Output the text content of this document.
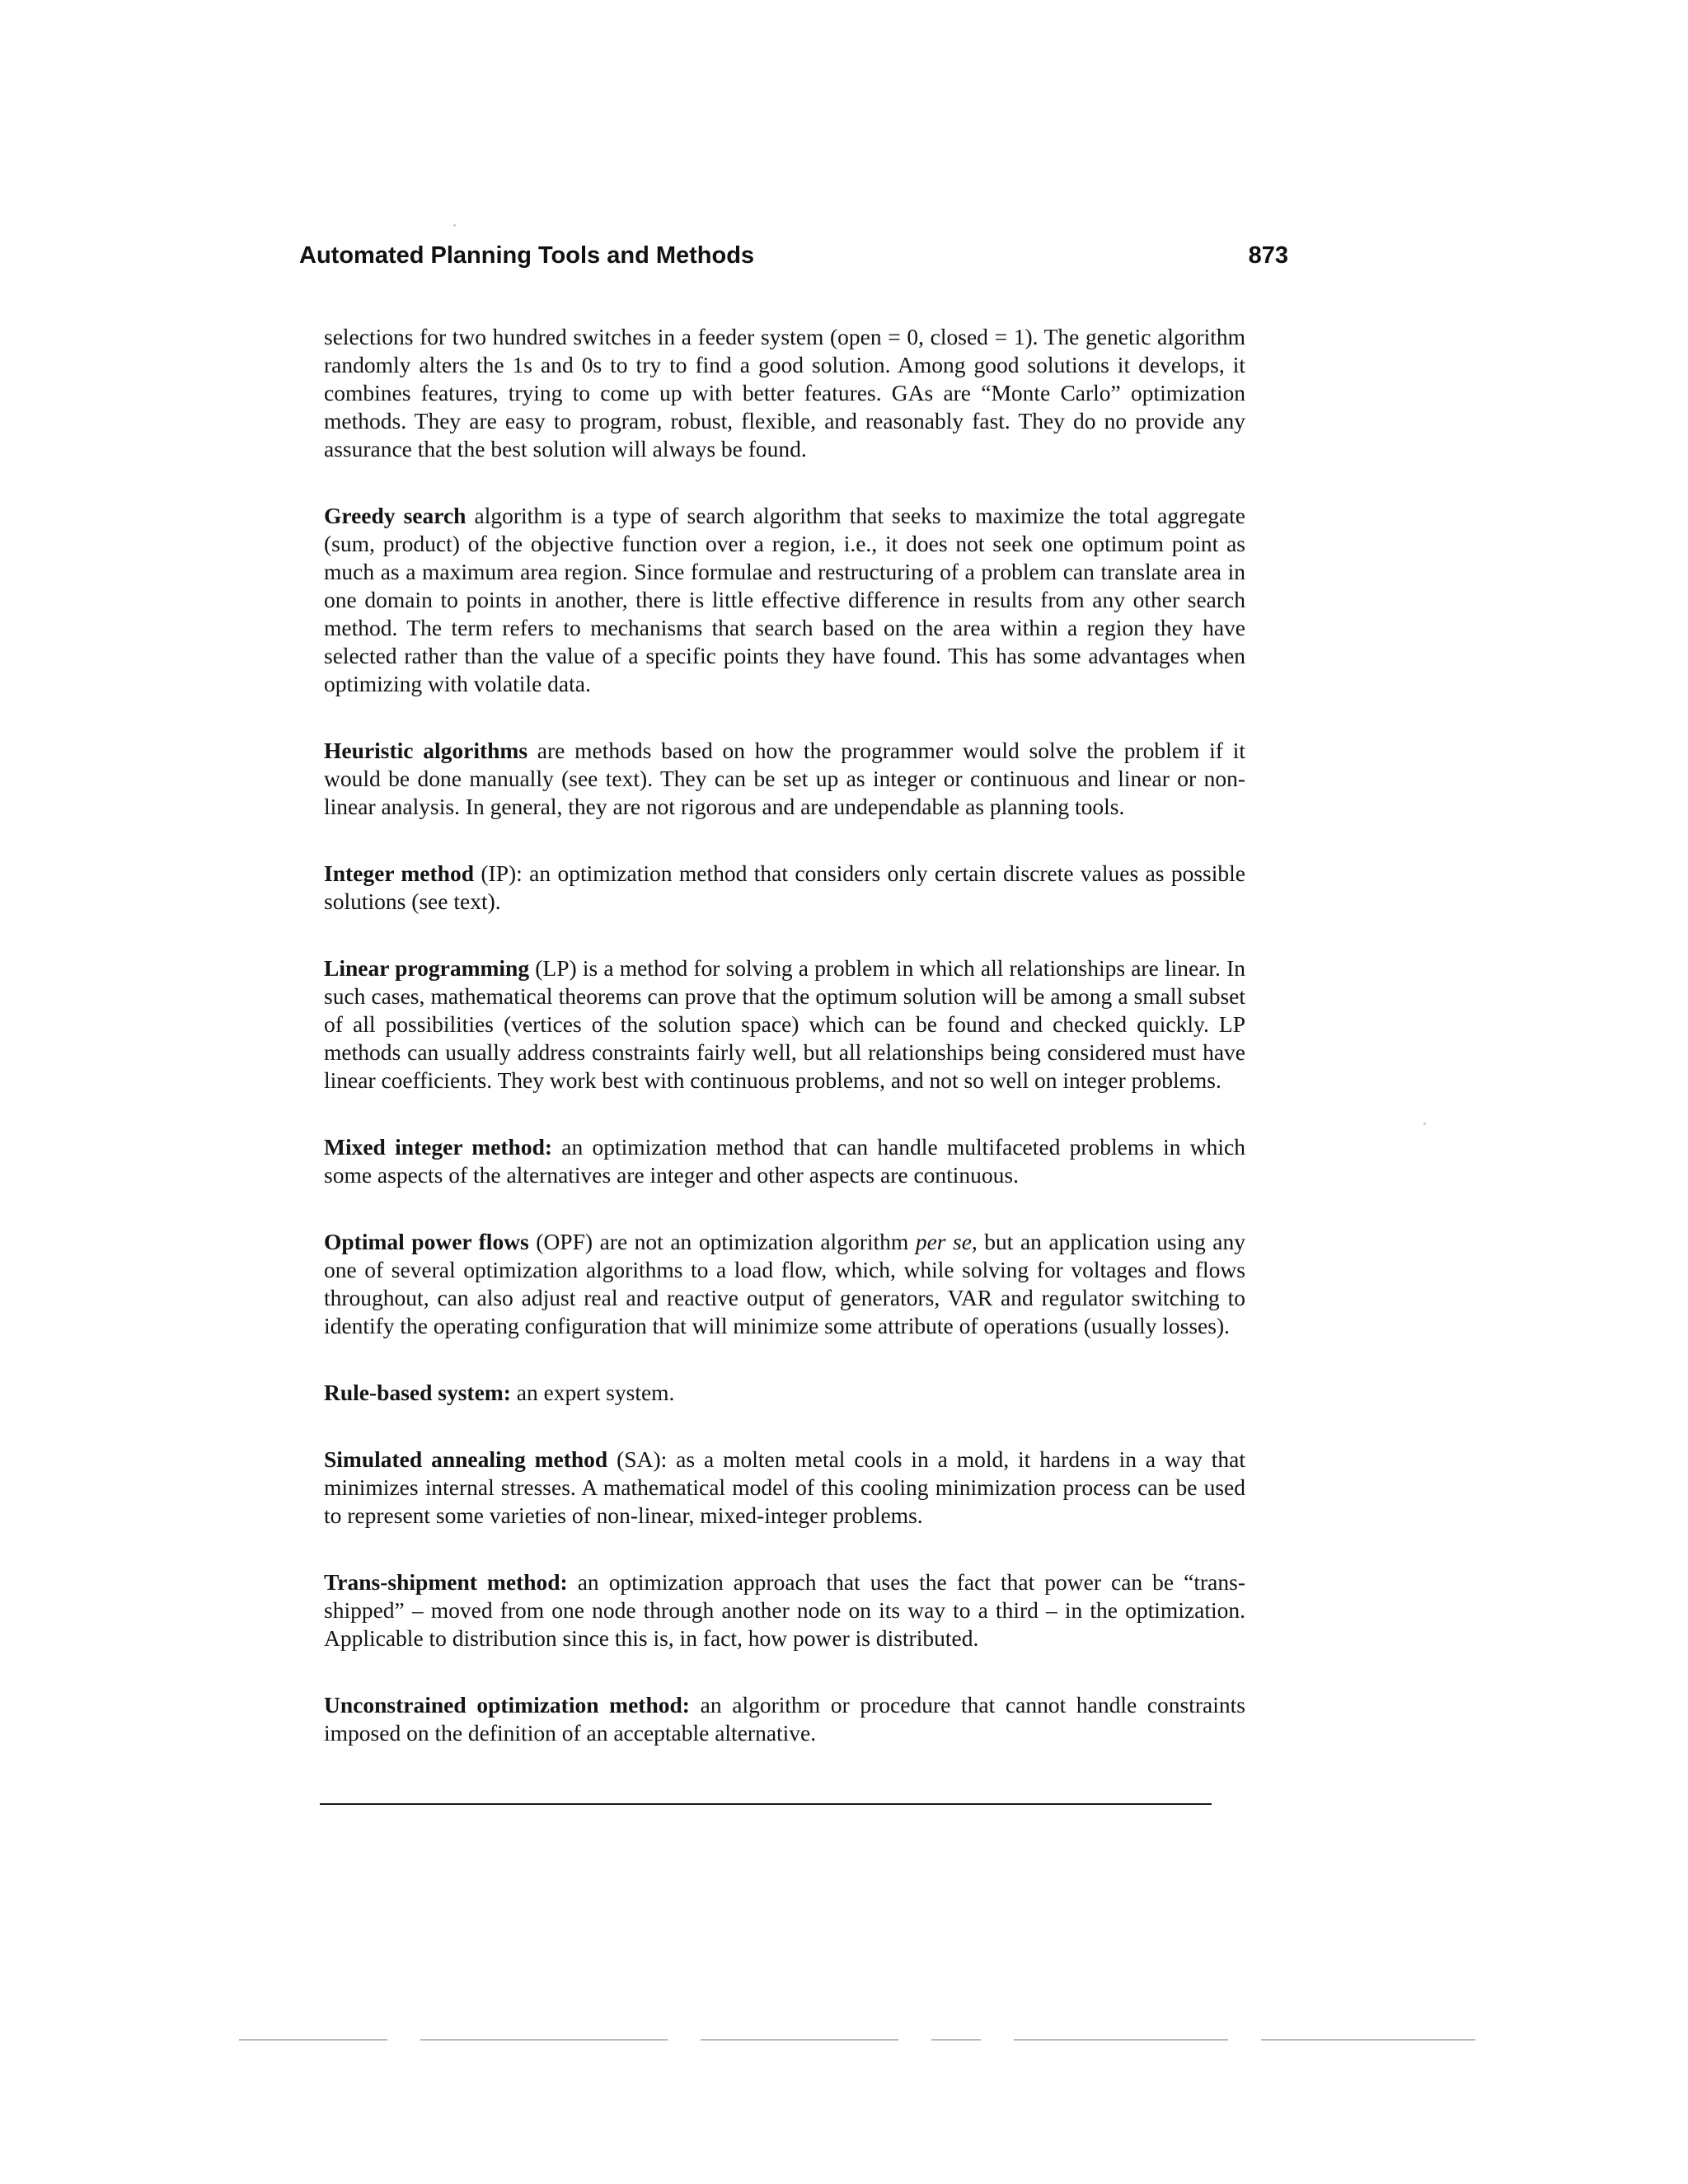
Automated Planning Tools and Methods	873

selections for two hundred switches in a feeder system (open = 0, closed = 1). The genetic algorithm randomly alters the 1s and 0s to try to find a good solution. Among good solutions it develops, it combines features, trying to come up with better features. GAs are “Monte Carlo” optimization methods. They are easy to program, robust, flexible, and reasonably fast. They do no provide any assurance that the best solution will always be found.

Greedy search algorithm is a type of search algorithm that seeks to maximize the total aggregate (sum, product) of the objective function over a region, i.e., it does not seek one optimum point as much as a maximum area region. Since formulae and restructuring of a problem can translate area in one domain to points in another, there is little effective difference in results from any other search method. The term refers to mechanisms that search based on the area within a region they have selected rather than the value of a specific points they have found. This has some advantages when optimizing with volatile data.

Heuristic algorithms are methods based on how the programmer would solve the problem if it would be done manually (see text). They can be set up as integer or continuous and linear or non-linear analysis. In general, they are not rigorous and are undependable as planning tools.

Integer method (IP): an optimization method that considers only certain discrete values as possible solutions (see text).

Linear programming (LP) is a method for solving a problem in which all relationships are linear. In such cases, mathematical theorems can prove that the optimum solution will be among a small subset of all possibilities (vertices of the solution space) which can be found and checked quickly. LP methods can usually address constraints fairly well, but all relationships being considered must have linear coefficients. They work best with continuous problems, and not so well on integer problems.

Mixed integer method: an optimization method that can handle multifaceted problems in which some aspects of the alternatives are integer and other aspects are continuous.

Optimal power flows (OPF) are not an optimization algorithm per se, but an application using any one of several optimization algorithms to a load flow, which, while solving for voltages and flows throughout, can also adjust real and reactive output of generators, VAR and regulator switching to identify the operating configuration that will minimize some attribute of operations (usually losses).

Rule-based system: an expert system.

Simulated annealing method (SA): as a molten metal cools in a mold, it hardens in a way that minimizes internal stresses. A mathematical model of this cooling minimization process can be used to represent some varieties of non-linear, mixed-integer problems.

Trans-shipment method: an optimization approach that uses the fact that power can be “trans-shipped” – moved from one node through another node on its way to a third – in the optimization. Applicable to distribution since this is, in fact, how power is distributed.

Unconstrained optimization method: an algorithm or procedure that cannot handle constraints imposed on the definition of an acceptable alternative.
